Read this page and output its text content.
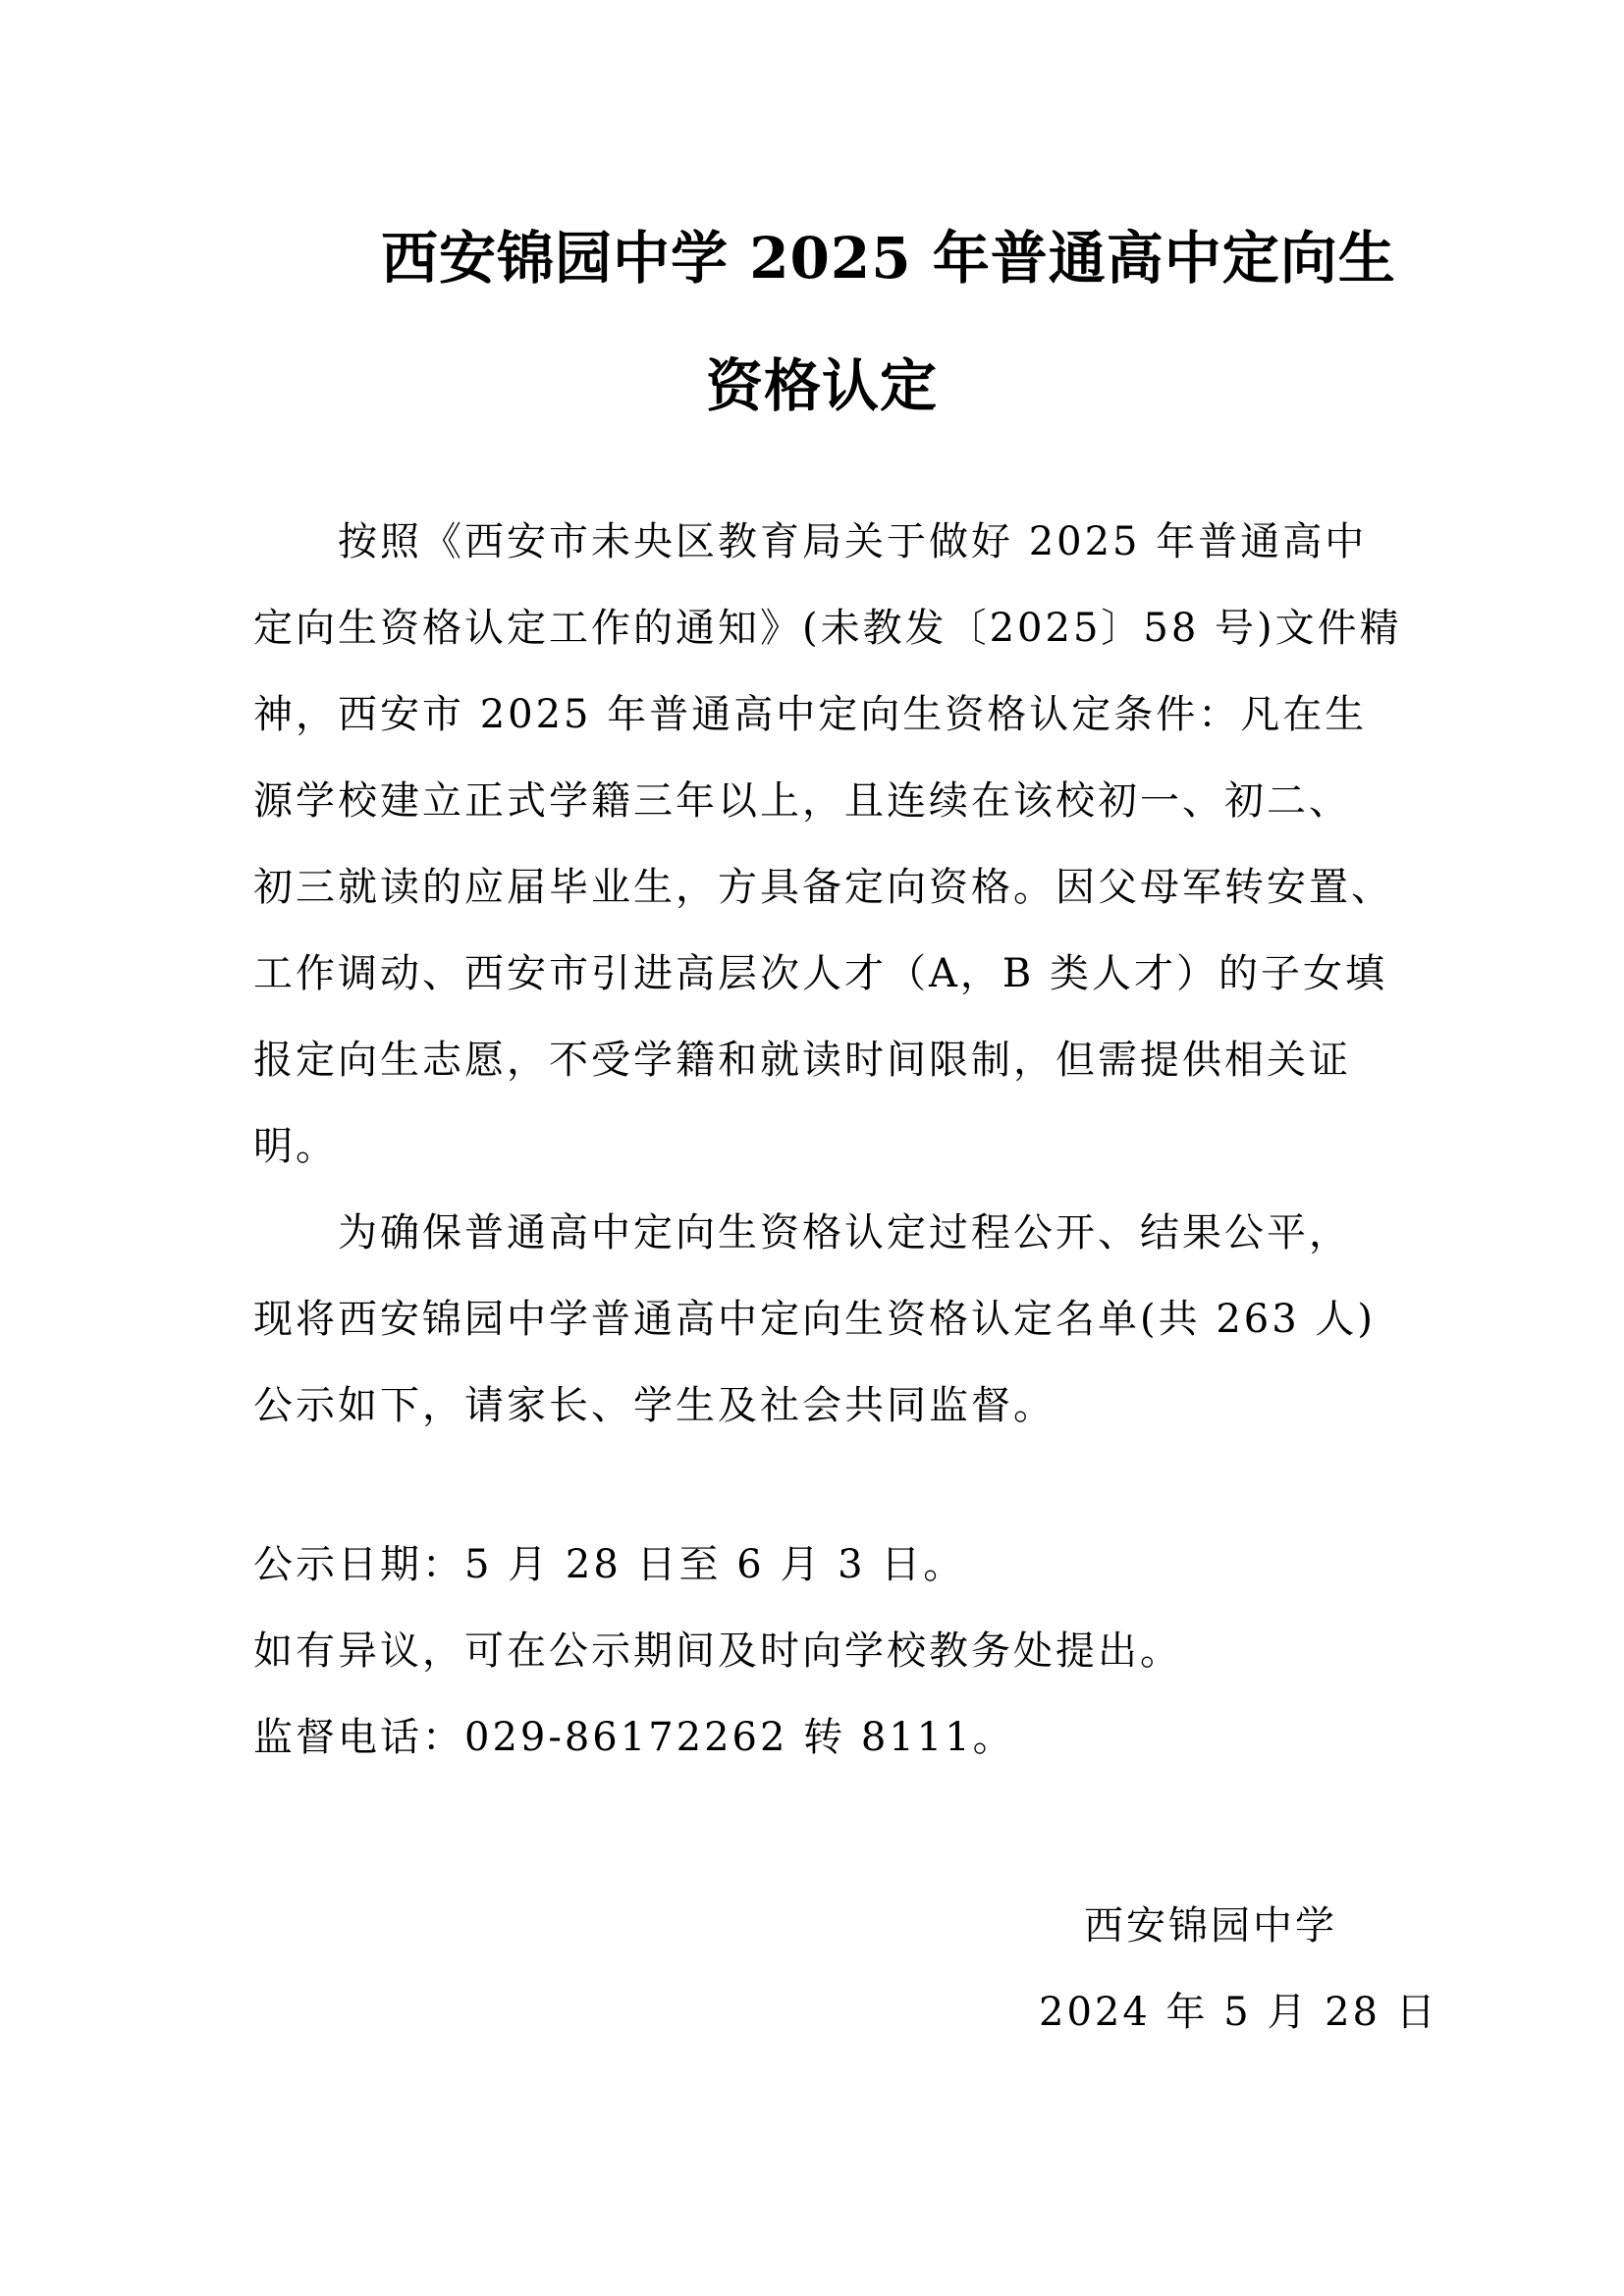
西安锦园中学 2025 年普通高中定向生
资格认定
　　按照《西安市未央区教育局关于做好 2025 年普通高中
定向生资格认定工作的通知》(未教发〔2025〕58 号)文件精
神，西安市 2025 年普通高中定向生资格认定条件：凡在生
源学校建立正式学籍三年以上，且连续在该校初一、初二、
初三就读的应届毕业生，方具备定向资格。因父母军转安置、
工作调动、西安市引进高层次人才（A，B 类人才）的子女填
报定向生志愿，不受学籍和就读时间限制，但需提供相关证
明。
　　为确保普通高中定向生资格认定过程公开、结果公平，
现将西安锦园中学普通高中定向生资格认定名单(共 263 人)
公示如下，请家长、学生及社会共同监督。
公示日期：5 月 28 日至 6 月 3 日。
如有异议，可在公示期间及时向学校教务处提出。
监督电话：029-86172262 转 8111。
西安锦园中学
2024 年 5 月 28 日
